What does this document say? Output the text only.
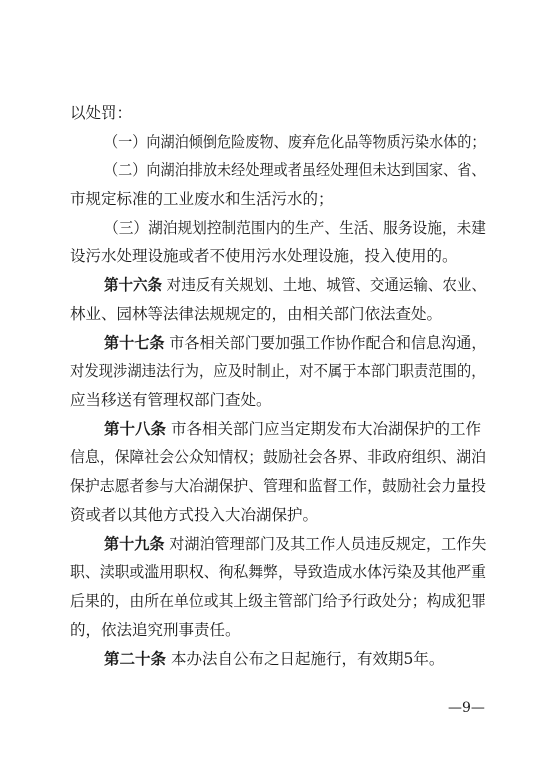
以处罚：
（一）向湖泊倾倒危险废物、废弃危化品等物质污染水体的；
（二）向湖泊排放未经处理或者虽经处理但未达到国家、省、
市规定标准的工业废水和生活污水的；
（三）湖泊规划控制范围内的生产、生活、服务设施，未建
设污水处理设施或者不使用污水处理设施，投入使用的。
第十六条 对违反有关规划、土地、城管、交通运输、农业、
林业、园林等法律法规规定的，由相关部门依法查处。
第十七条 市各相关部门要加强工作协作配合和信息沟通，
对发现涉湖违法行为，应及时制止，对不属于本部门职责范围的，
应当移送有管理权部门查处。
第十八条 市各相关部门应当定期发布大冶湖保护的工作
信息，保障社会公众知情权；鼓励社会各界、非政府组织、湖泊
保护志愿者参与大冶湖保护、管理和监督工作，鼓励社会力量投
资或者以其他方式投入大冶湖保护。
第十九条 对湖泊管理部门及其工作人员违反规定，工作失
职、渎职或滥用职权、徇私舞弊，导致造成水体污染及其他严重
后果的，由所在单位或其上级主管部门给予行政处分；构成犯罪
的，依法追究刑事责任。
第二十条 本办法自公布之日起施行，有效期5年。
—9—
